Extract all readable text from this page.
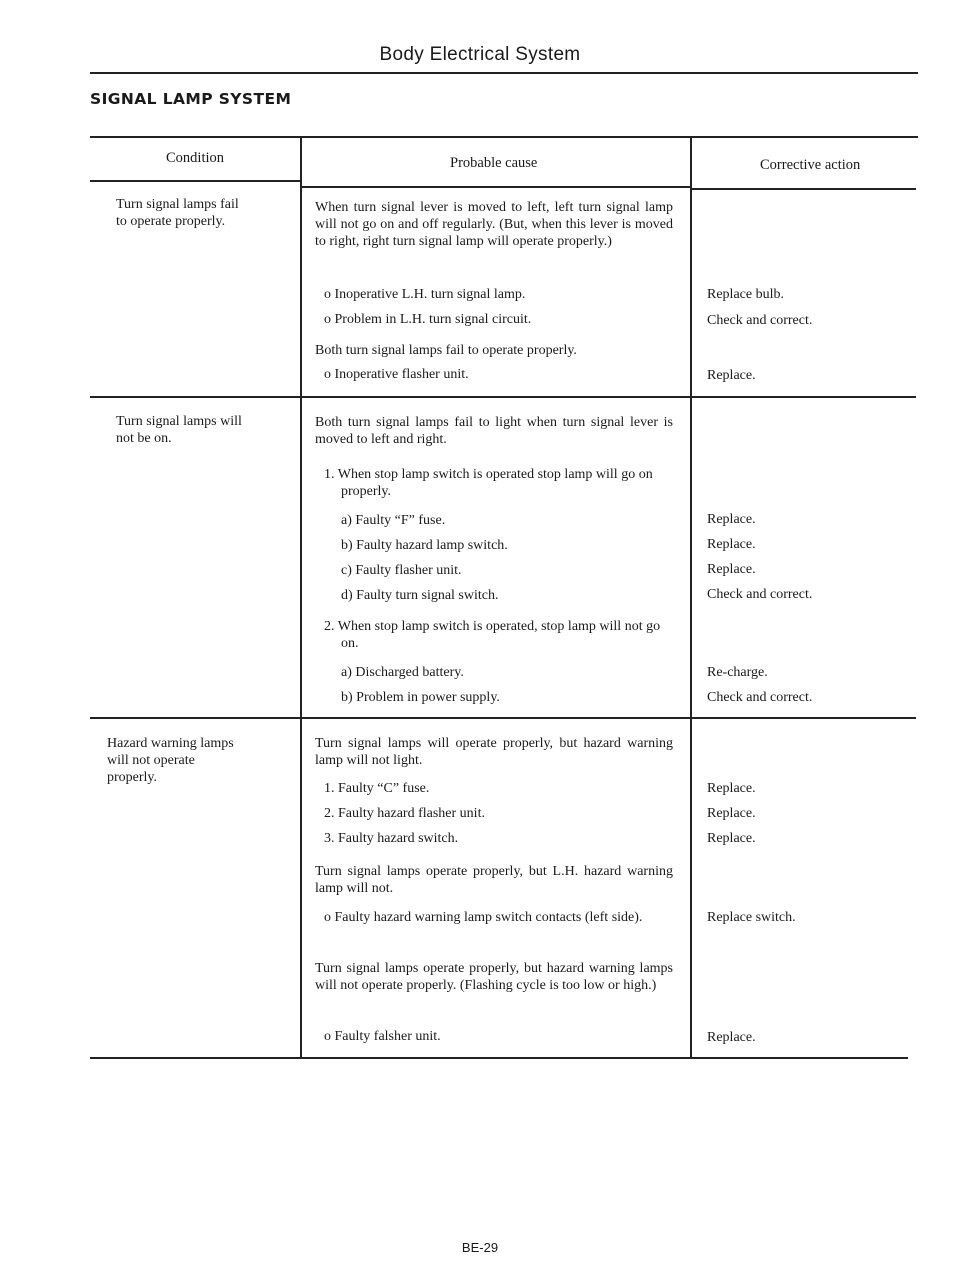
Body Electrical System
SIGNAL LAMP SYSTEM
Condition	Probable cause	Corrective action
Turn signal lamps fail
to operate properly.
When turn signal lever is moved to left, left turn signal lamp will not go on and off regularly. (But, when this lever is moved to right, right turn signal lamp will operate properly.)
o Inoperative L.H. turn signal lamp.
o Problem in L.H. turn signal circuit.
Both turn signal lamps fail to operate properly.
o Inoperative flasher unit.
Replace bulb.
Check and correct.
Replace.
Turn signal lamps will
not be on.
Both turn signal lamps fail to light when turn signal lever is moved to left and right.
1. When stop lamp switch is operated stop lamp will go on properly.
a) Faulty “F” fuse.
b) Faulty hazard lamp switch.
c) Faulty flasher unit.
d) Faulty turn signal switch.
2. When stop lamp switch is operated, stop lamp will not go on.
a) Discharged battery.
b) Problem in power supply.
Replace.
Replace.
Replace.
Check and correct.
Re-charge.
Check and correct.
Hazard warning lamps
will not operate
properly.
Turn signal lamps will operate properly, but hazard warning lamp will not light.
1. Faulty “C” fuse.
2. Faulty hazard flasher unit.
3. Faulty hazard switch.
Turn signal lamps operate properly, but L.H. hazard warning lamp will not.
o Faulty hazard warning lamp switch contacts (left side).
Turn signal lamps operate properly, but hazard warning lamps will not operate properly. (Flashing cycle is too low or high.)
o Faulty falsher unit.
Replace.
Replace.
Replace.
Replace switch.
Replace.
BE-29
